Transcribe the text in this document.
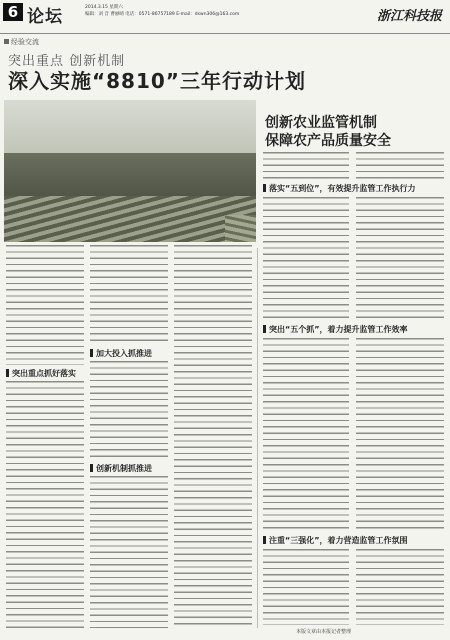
6 论坛	2014.3.15 星期六
编辑：刘 音 曹丽晴 电话：0571-86757189 E-mail：dswn306@163.com	浙江科技报
经验交流
突出重点 创新机制
深入实施“8810”三年行动计划
创新农业监管机制
保障农产品质量安全
突出重点抓好落实
加大投入抓推进
创新机制抓推进
落实“五到位”，有效提升监管工作执行力
突出“五个抓”，着力提升监管工作效率
注重“三强化”，着力营造监管工作氛围
本版文章由本报记者整理
